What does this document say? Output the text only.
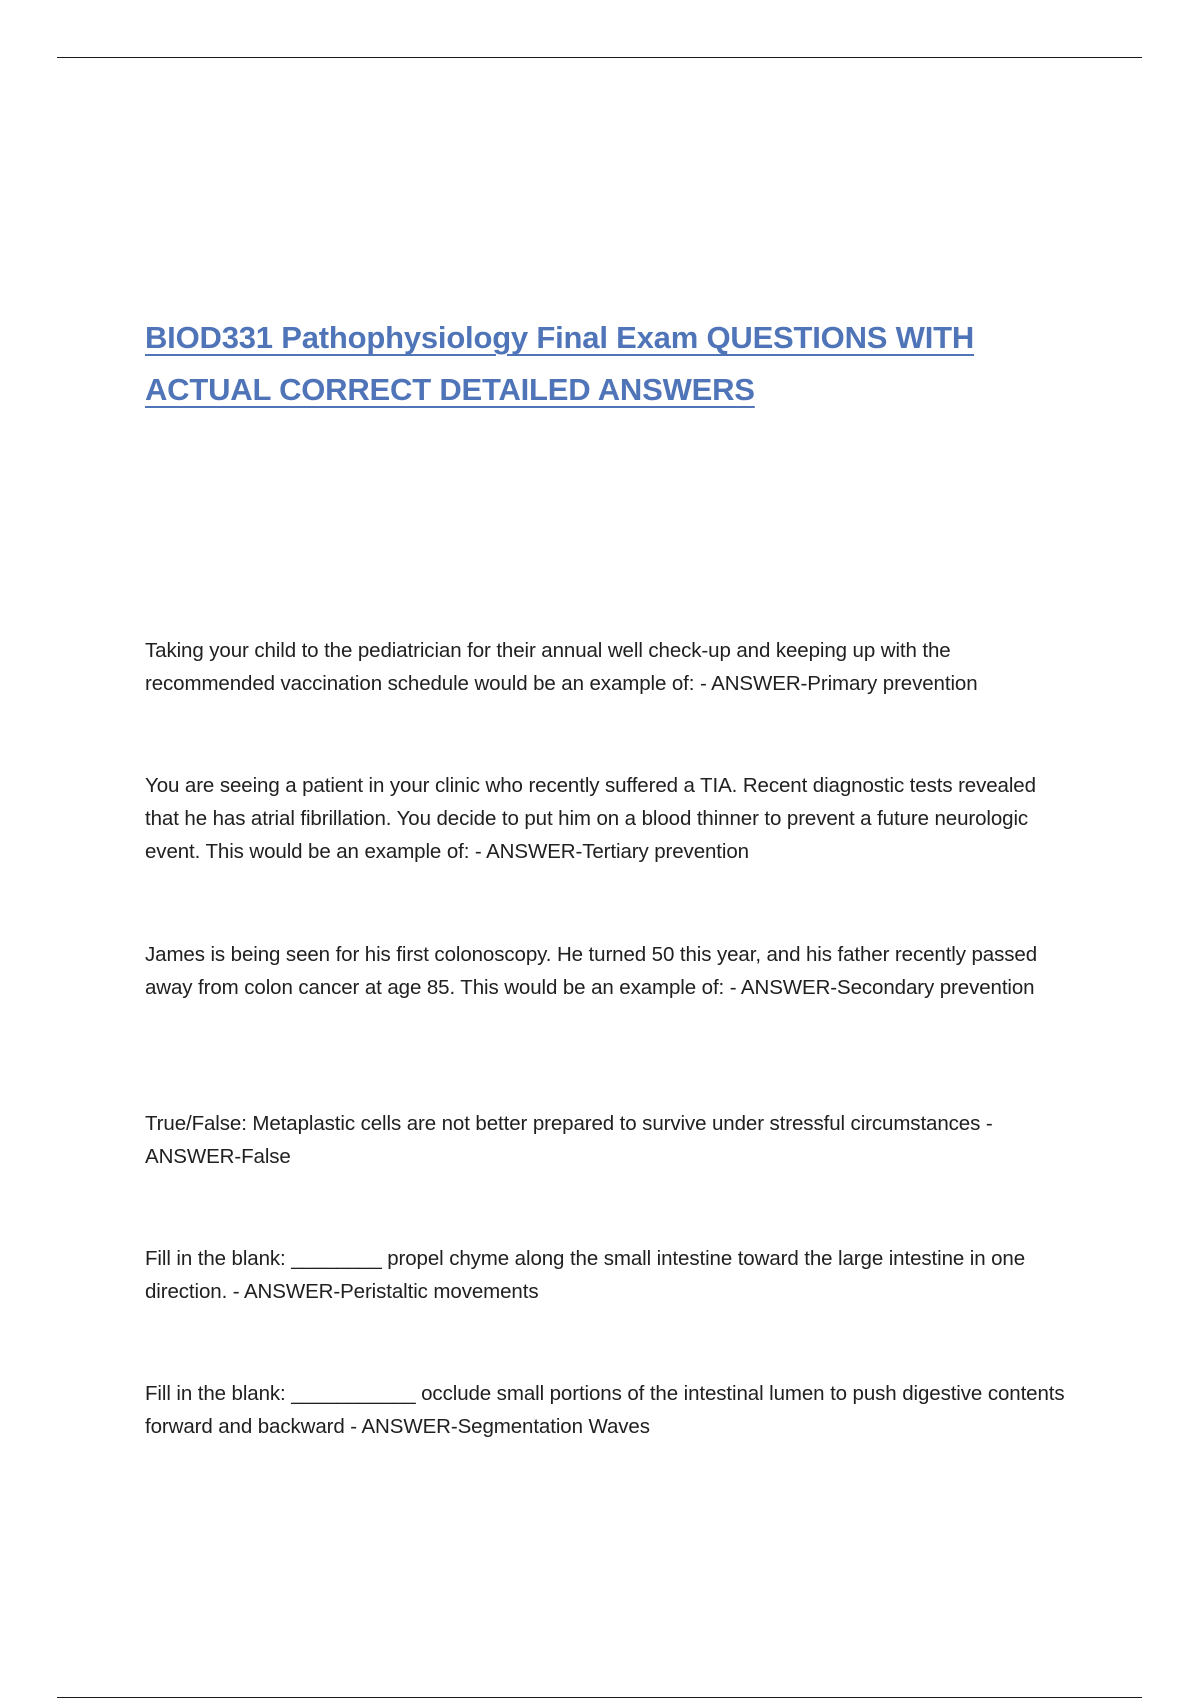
BIOD331 Pathophysiology Final Exam QUESTIONS WITH ACTUAL CORRECT DETAILED ANSWERS

Taking your child to the pediatrician for their annual well check-up and keeping up with the recommended vaccination schedule would be an example of: - ANSWER-Primary prevention

You are seeing a patient in your clinic who recently suffered a TIA. Recent diagnostic tests revealed that he has atrial fibrillation. You decide to put him on a blood thinner to prevent a future neurologic event. This would be an example of: - ANSWER-Tertiary prevention

James is being seen for his first colonoscopy. He turned 50 this year, and his father recently passed away from colon cancer at age 85. This would be an example of: - ANSWER-Secondary prevention

True/False: Metaplastic cells are not better prepared to survive under stressful circumstances - ANSWER-False

Fill in the blank: ________ propel chyme along the small intestine toward the large intestine in one direction. - ANSWER-Peristaltic movements

Fill in the blank: ___________ occlude small portions of the intestinal lumen to push digestive contents forward and backward - ANSWER-Segmentation Waves
